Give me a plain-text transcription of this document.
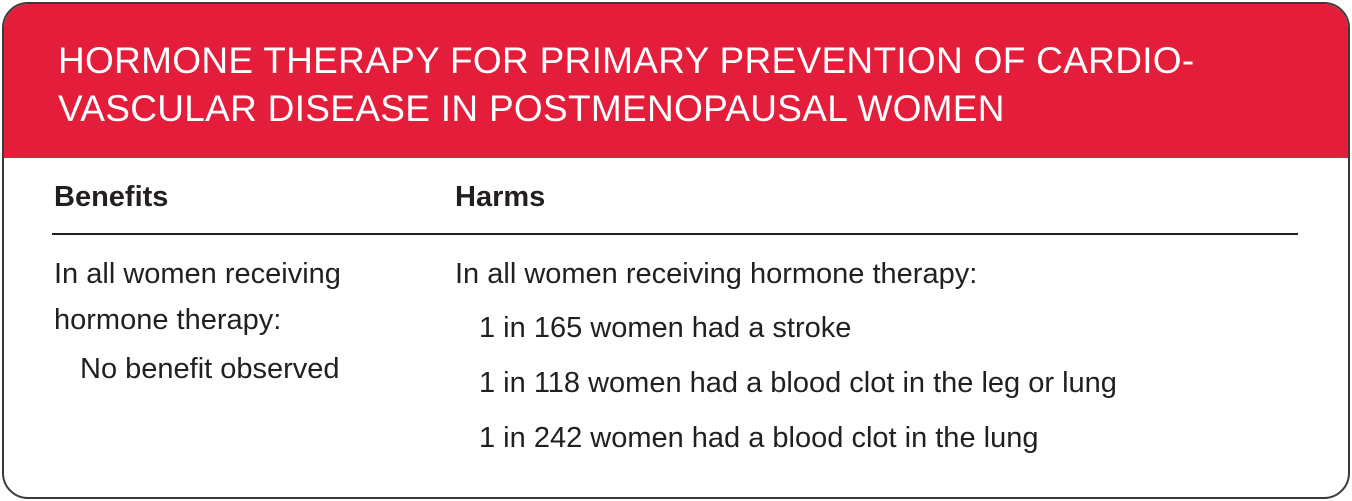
HORMONE THERAPY FOR PRIMARY PREVENTION OF CARDIO-
VASCULAR DISEASE IN POSTMENOPAUSAL WOMEN
Benefits	Harms

In all women receiving

hormone therapy:

No benefit observed

In all women receiving hormone therapy:

1 in 165 women had a stroke

1 in 118 women had a blood clot in the leg or lung

1 in 242 women had a blood clot in the lung
